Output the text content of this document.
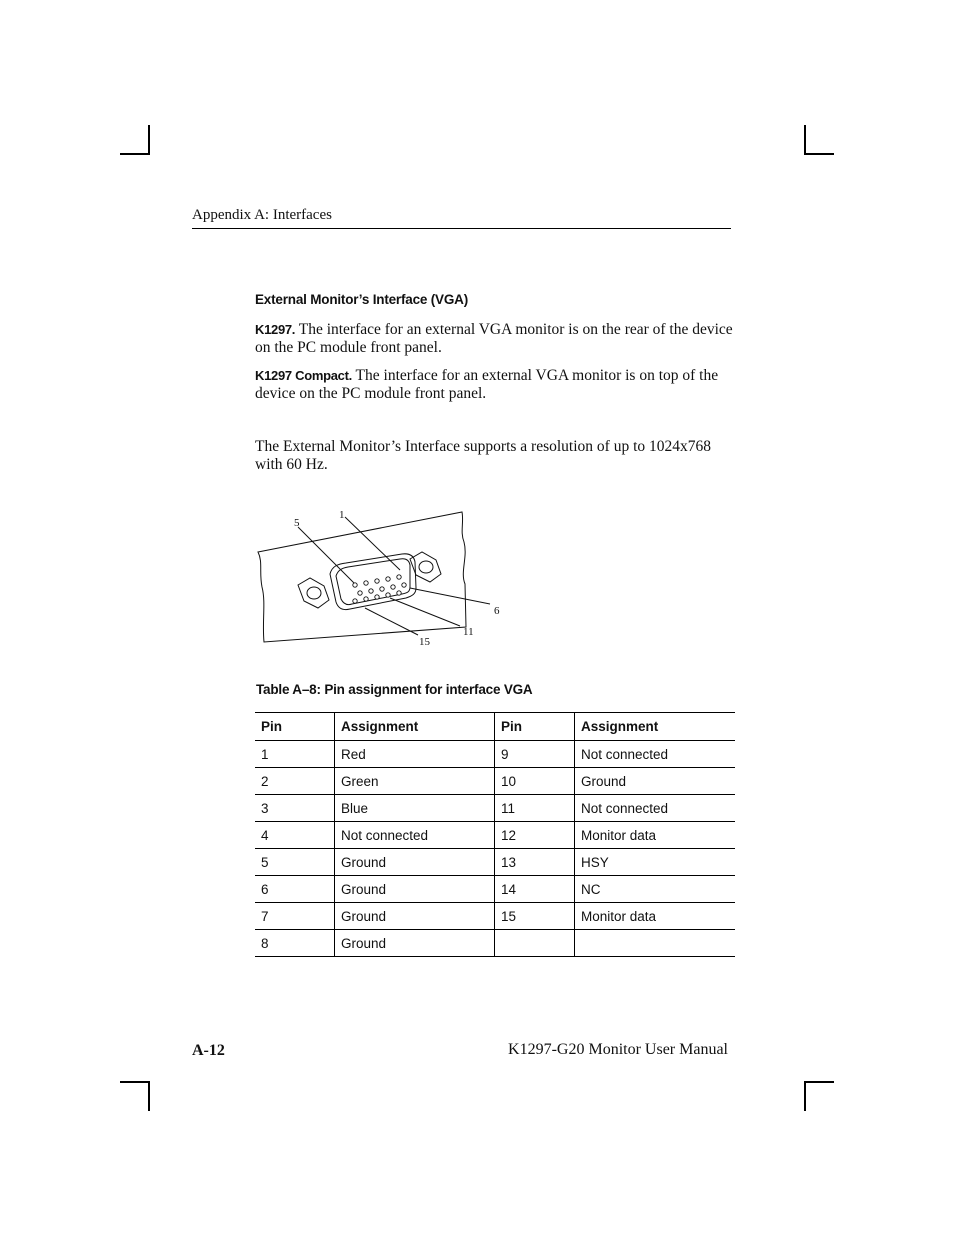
Appendix A: Interfaces
External Monitor’s Interface (VGA)
K1297. The interface for an external VGA monitor is on the rear of the device on the PC module front panel.
K1297 Compact. The interface for an external VGA monitor is on top of the device on the PC module front panel.
The External Monitor’s Interface supports a resolution of up to 1024x768 with 60 Hz.
5
1
6
11
15
Table A–8: Pin assignment for interface VGA
Pin	Assignment	Pin	Assignment
1	Red	9	Not connected
2	Green	10	Ground
3	Blue	11	Not connected
4	Not connected	12	Monitor data
5	Ground	13	HSY
6	Ground	14	NC
7	Ground	15	Monitor data
8	Ground		
A-12	K1297-G20 Monitor User Manual
